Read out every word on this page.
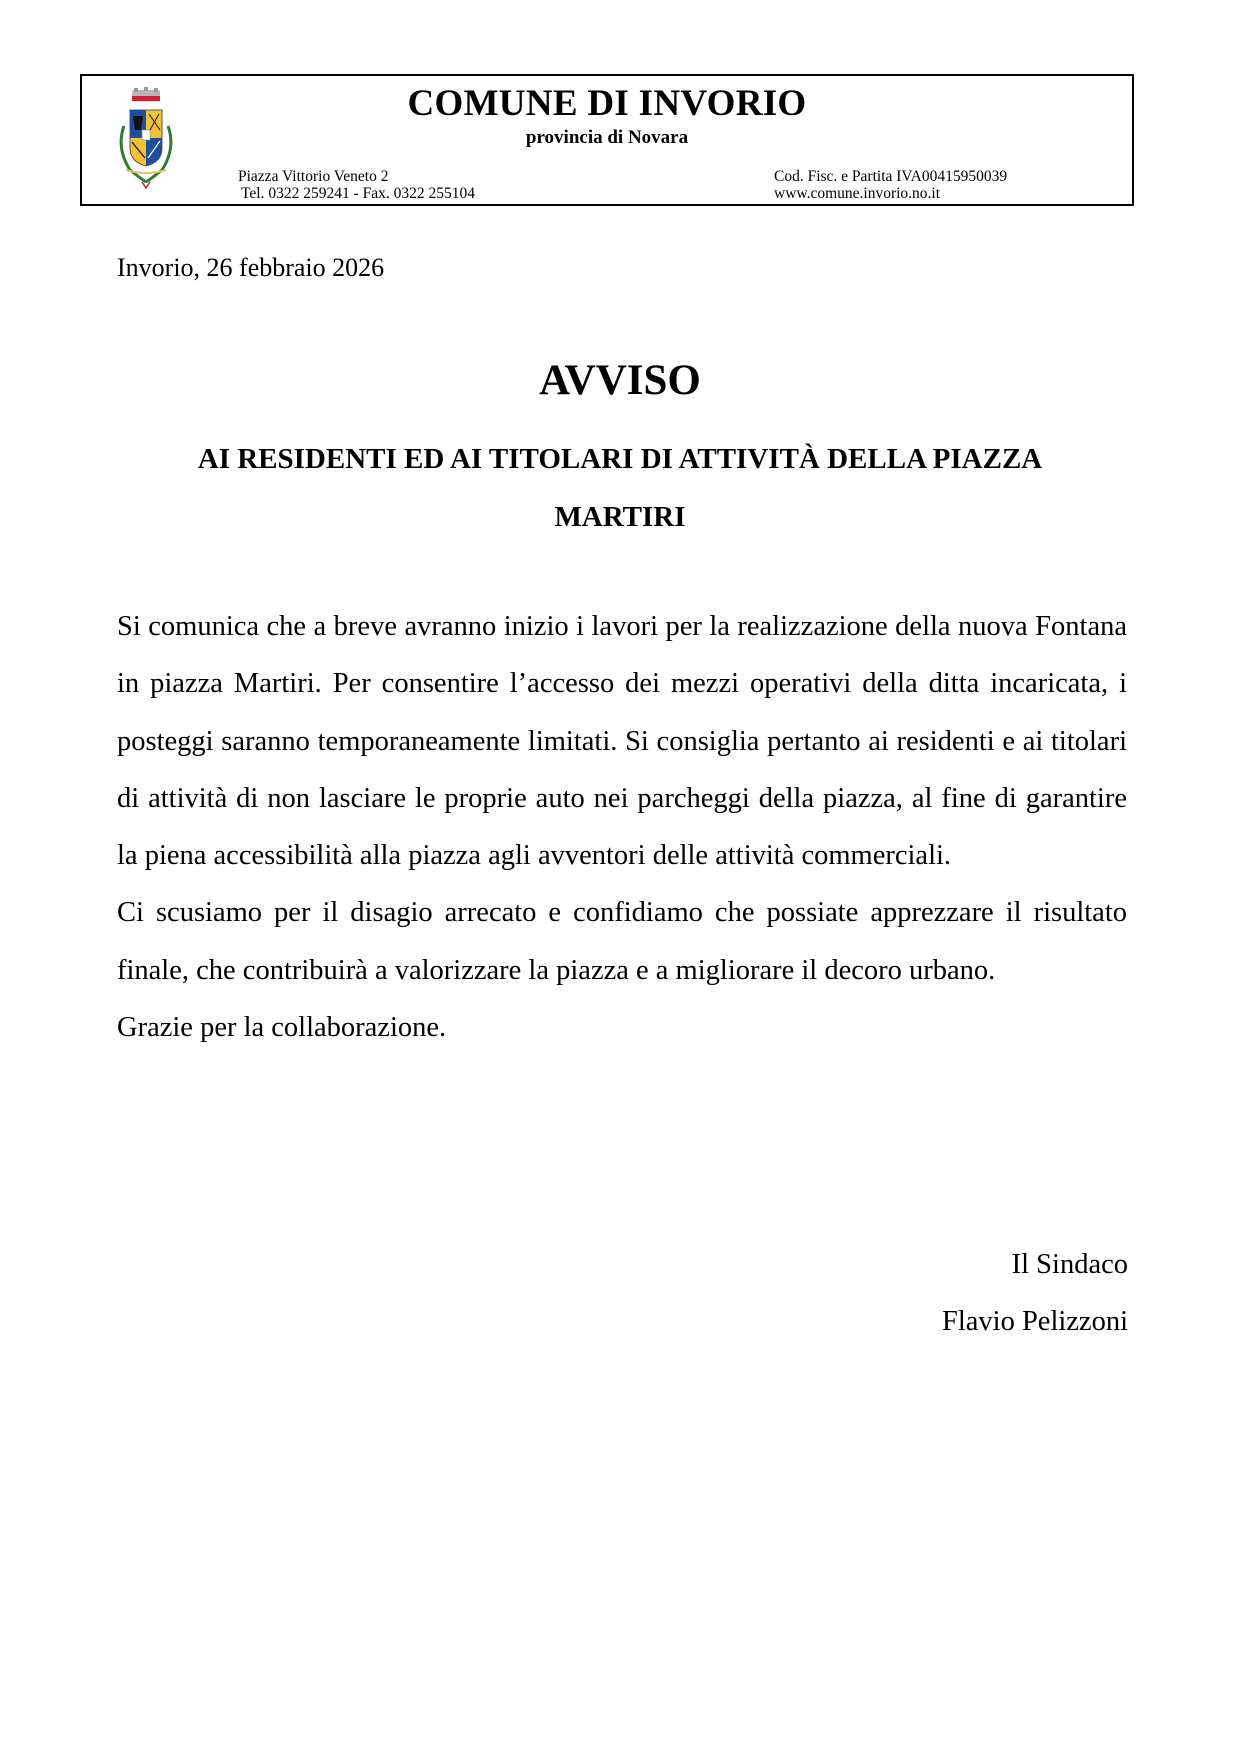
COMUNE DI INVORIO
provincia di Novara
Piazza Vittorio Veneto 2
Tel. 0322 259241 - Fax. 0322 255104
Cod. Fisc. e Partita IVA00415950039
www.comune.invorio.no.it
Invorio, 26 febbraio 2026
AVVISO
AI RESIDENTI ED AI TITOLARI DI ATTIVITÀ DELLA PIAZZA
MARTIRI

Si comunica che a breve avranno inizio i lavori per la realizzazione della nuova Fontana in piazza Martiri. Per consentire l’accesso dei mezzi operativi della ditta incaricata, i posteggi saranno temporaneamente limitati. Si consiglia pertanto ai residenti e ai titolari di attività di non lasciare le proprie auto nei parcheggi della piazza, al fine di garantire la piena accessibilità alla piazza agli avventori delle attività commerciali.

Ci scusiamo per il disagio arrecato e confidiamo che possiate apprezzare il risultato finale, che contribuirà a valorizzare la piazza e a migliorare il decoro urbano.

Grazie per la collaborazione.

Il Sindaco
Flavio Pelizzoni
